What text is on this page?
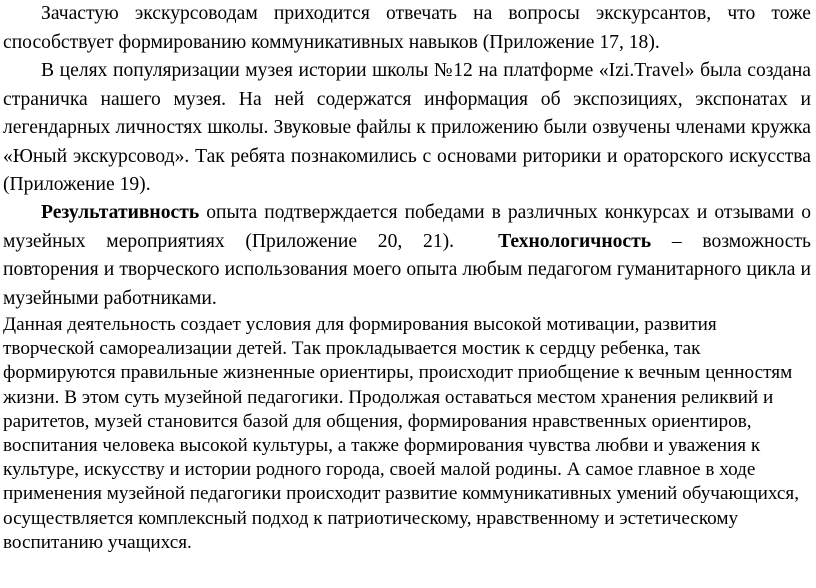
Зачастую экскурсоводам приходится отвечать на вопросы экскурсантов, что тоже способствует формированию коммуникативных навыков (Приложение 17, 18).

В целях популяризации музея истории школы №12 на платформе «Izi.Travel» была создана страничка нашего музея. На ней содержатся информация об экспозициях, экспонатах и легендарных личностях школы. Звуковые файлы к приложению были озвучены членами кружка «Юный экскурсовод». Так ребята познакомились с основами риторики и ораторского искусства (Приложение 19).

Результативность опыта подтверждается победами в различных конкурсах и отзывами о музейных мероприятиях (Приложение 20, 21). Технологичность – возможность повторения и творческого использования моего опыта любым педагогом гуманитарного цикла и музейными работниками.

Данная деятельность создает условия для формирования высокой мотивации, развития творческой самореализации детей. Так прокладывается мостик к сердцу ребенка, так формируются правильные жизненные ориентиры, происходит приобщение к вечным ценностям жизни. В этом суть музейной педагогики. Продолжая оставаться местом хранения реликвий и раритетов, музей становится базой для общения, формирования нравственных ориентиров, воспитания человека высокой культуры, а также формирования чувства любви и уважения к культуре, искусству и истории родного города, своей малой родины. А самое главное в ходе применения музейной педагогики происходит развитие коммуникативных умений обучающихся, осуществляется комплексный подход к патриотическому, нравственному и эстетическому воспитанию учащихся.
